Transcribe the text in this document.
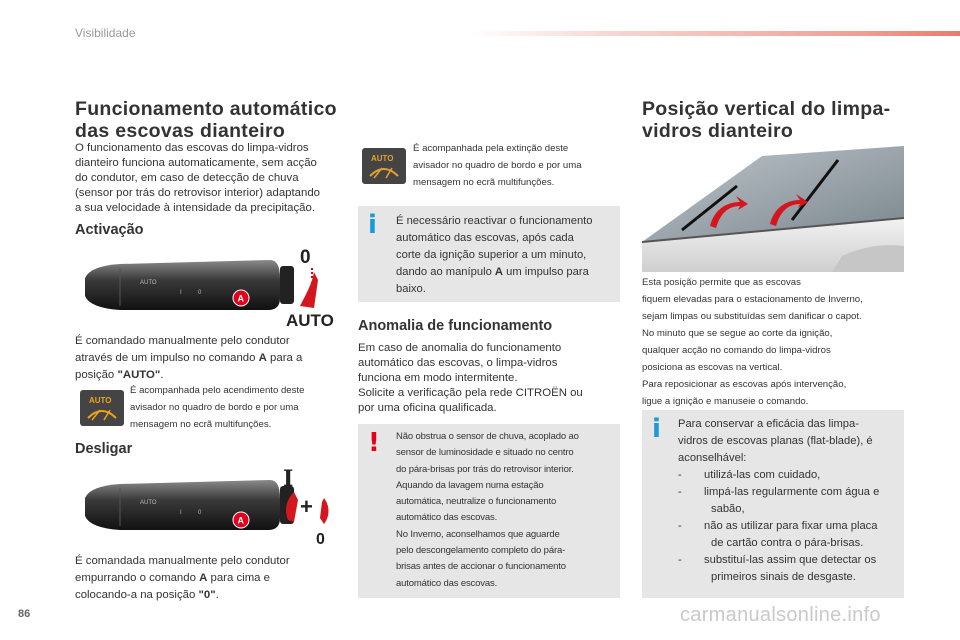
Visibilidade
Funcionamento automático
das escovas dianteiro
O funcionamento das escovas do limpa-vidros
dianteiro funciona automaticamente, sem acção
do condutor, em caso de detecção de chuva
(sensor por trás do retrovisor interior) adaptando
a sua velocidade à intensidade da precipitação.
Activação
AUTO
I	0
A
0
AUTO
É comandado manualmente pelo condutor
através de um impulso no comando A para a
posição "AUTO".
AUTO
É acompanhada pelo acendimento deste
avisador no quadro de bordo e por uma
mensagem no ecrã multifunções.
Desligar
AUTO
I	0
A
I
+
0
É comandada manualmente pelo condutor
empurrando o comando A para cima e
colocando-a na posição "0".
AUTO
É acompanhada pela extinção deste
avisador no quadro de bordo e por uma
mensagem no ecrã multifunções.
i É necessário reactivar o funcionamento
automático das escovas, após cada
corte da ignição superior a um minuto,
dando ao manípulo A um impulso para
baixo.
Anomalia de funcionamento
Em caso de anomalia do funcionamento
automático das escovas, o limpa-vidros
funciona em modo intermitente.
Solicite a verificação pela rede CITROËN ou
por uma oficina qualificada.
! Não obstrua o sensor de chuva, acoplado ao
sensor de luminosidade e situado no centro
do pára-brisas por trás do retrovisor interior.
Aquando da lavagem numa estação
automática, neutralize o funcionamento
automático das escovas.
No Inverno, aconselhamos que aguarde
pelo descongelamento completo do pára-
brisas antes de accionar o funcionamento
automático das escovas.
Posição vertical do limpa-
vidros dianteiro
Esta posição permite que as escovas
fiquem elevadas para o estacionamento de Inverno,
sejam limpas ou substituídas sem danificar o capot.
No minuto que se segue ao corte da ignição,
qualquer acção no comando do limpa-vidros
posiciona as escovas na vertical.
Para reposicionar as escovas após intervenção,
ligue a ignição e manuseie o comando.
i Para conservar a eficácia das limpa-
vidros de escovas planas (flat-blade), é
aconselhável:
- utilizá-las com cuidado,
- limpá-las regularmente com água e
sabão,
- não as utilizar para fixar uma placa
de cartão contra o pára-brisas.
- substituí-las assim que detectar os
primeiros sinais de desgaste.
86	carmanualsonline.info
